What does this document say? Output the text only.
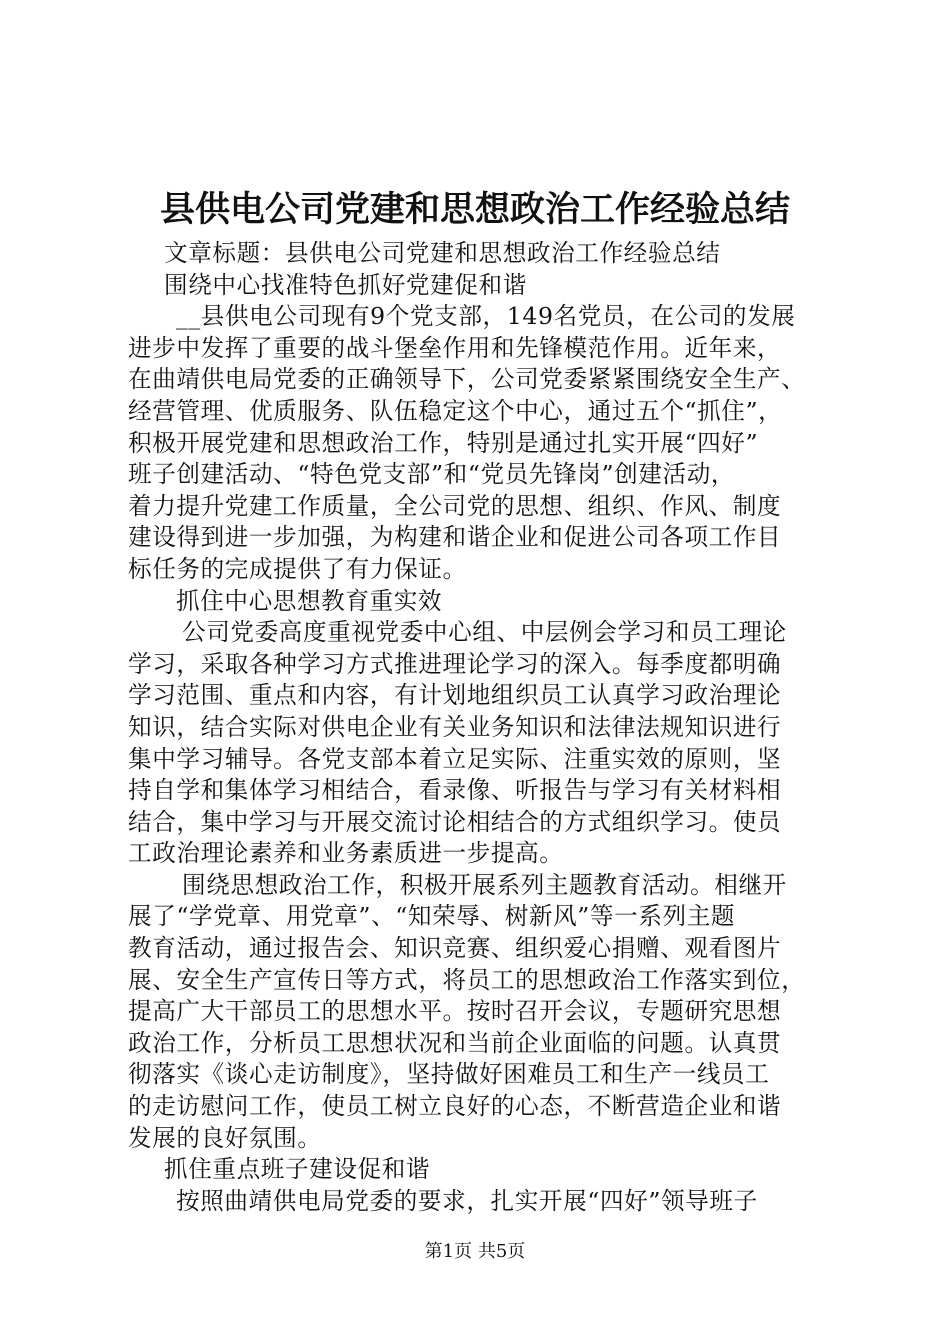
县供电公司党建和思想政治工作经验总结
文章标题：县供电公司党建和思想政治工作经验总结
围绕中心找准特色抓好党建促和谐
__县供电公司现有9个党支部，149名党员，在公司的发展
进步中发挥了重要的战斗堡垒作用和先锋模范作用。近年来，
在曲靖供电局党委的正确领导下，公司党委紧紧围绕安全生产、
经营管理、优质服务、队伍稳定这个中心，通过五个“抓住”，
积极开展党建和思想政治工作，特别是通过扎实开展“四好”
班子创建活动、“特色党支部”和“党员先锋岗”创建活动，
着力提升党建工作质量，全公司党的思想、组织、作风、制度
建设得到进一步加强，为构建和谐企业和促进公司各项工作目
标任务的完成提供了有力保证。
抓住中心思想教育重实效
公司党委高度重视党委中心组、中层例会学习和员工理论
学习，采取各种学习方式推进理论学习的深入。每季度都明确
学习范围、重点和内容，有计划地组织员工认真学习政治理论
知识，结合实际对供电企业有关业务知识和法律法规知识进行
集中学习辅导。各党支部本着立足实际、注重实效的原则，坚
持自学和集体学习相结合，看录像、听报告与学习有关材料相
结合，集中学习与开展交流讨论相结合的方式组织学习。使员
工政治理论素养和业务素质进一步提高。
围绕思想政治工作，积极开展系列主题教育活动。相继开
展了“学党章、用党章”、“知荣辱、树新风”等一系列主题
教育活动，通过报告会、知识竞赛、组织爱心捐赠、观看图片
展、安全生产宣传日等方式，将员工的思想政治工作落实到位，
提高广大干部员工的思想水平。按时召开会议，专题研究思想
政治工作，分析员工思想状况和当前企业面临的问题。认真贯
彻落实《谈心走访制度》，坚持做好困难员工和生产一线员工
的走访慰问工作，使员工树立良好的心态，不断营造企业和谐
发展的良好氛围。
抓住重点班子建设促和谐
按照曲靖供电局党委的要求，扎实开展“四好”领导班子
第1页 共5页
